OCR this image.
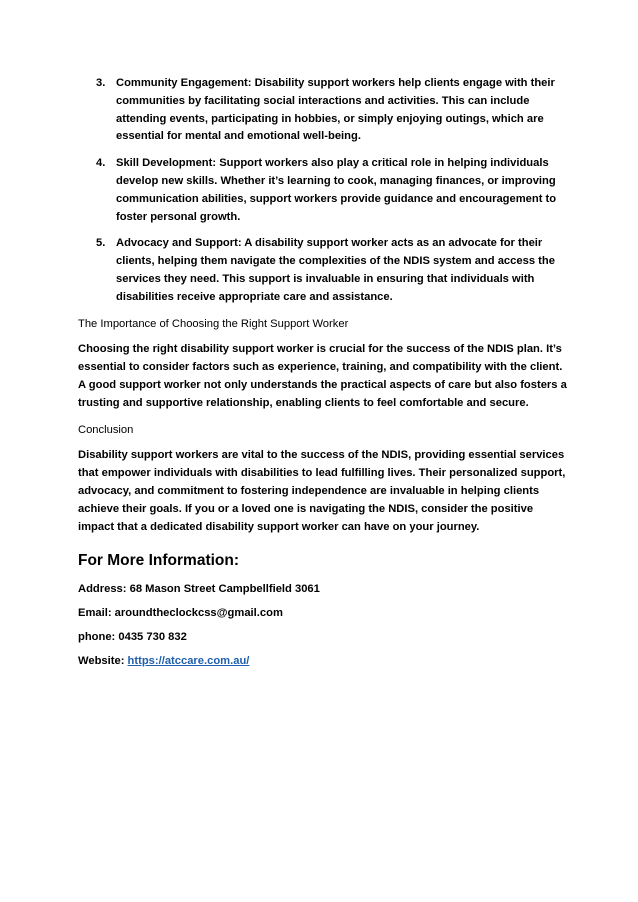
3. Community Engagement: Disability support workers help clients engage with their communities by facilitating social interactions and activities. This can include attending events, participating in hobbies, or simply enjoying outings, which are essential for mental and emotional well-being.
4. Skill Development: Support workers also play a critical role in helping individuals develop new skills. Whether it’s learning to cook, managing finances, or improving communication abilities, support workers provide guidance and encouragement to foster personal growth.
5. Advocacy and Support: A disability support worker acts as an advocate for their clients, helping them navigate the complexities of the NDIS system and access the services they need. This support is invaluable in ensuring that individuals with disabilities receive appropriate care and assistance.

The Importance of Choosing the Right Support Worker

Choosing the right disability support worker is crucial for the success of the NDIS plan. It’s essential to consider factors such as experience, training, and compatibility with the client. A good support worker not only understands the practical aspects of care but also fosters a trusting and supportive relationship, enabling clients to feel comfortable and secure.

Conclusion

Disability support workers are vital to the success of the NDIS, providing essential services that empower individuals with disabilities to lead fulfilling lives. Their personalized support, advocacy, and commitment to fostering independence are invaluable in helping clients achieve their goals. If you or a loved one is navigating the NDIS, consider the positive impact that a dedicated disability support worker can have on your journey.

For More Information:

Address: 68 Mason Street Campbellfield 3061

Email: aroundtheclockcss@gmail.com

phone: 0435 730 832

Website: https://atccare.com.au/
